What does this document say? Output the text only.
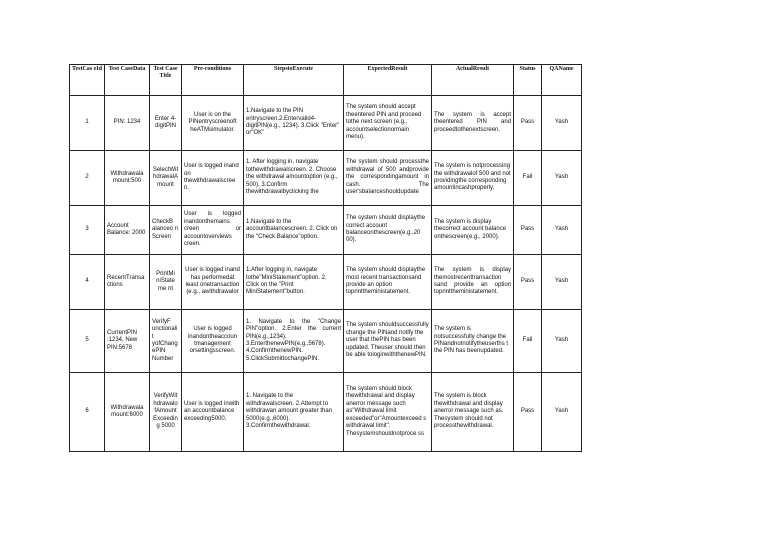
TestCas eId	Test CaseData	Test Case Title	Pre-conditions	StepstoExecute	ExpectedResult	ActualResult	Status	QAName
1	PIN: 1234	Enter 4-digitPIN	User is on the PINentryscreenoft heATMsimulator.	1.Navigate to the PIN entryscreen.2.Entervalid4-digitPIN(e.g., 1234). 3.Click "Enter" or"OK"	The system should accept theentered PIN and proceed tothe next screen (e.g., accountselectionormain menu).	The system is accept theentered PIN and proceedtothenextscreen.	Pass	Yash
2	Withdrawala mount:500	SelectWit hdrawalA mount	User is logged inand on thewithdrawalscree n.	1. After logging in, navigate tothewithdrawalscreen. 2. Choose the withdrawal amountoption (e.g., 500). 3.Confirm thewithdrawalbyclicking the	The system should processthe withdrawal of 500 andprovide the correspondingamount in cash. The user'sbalanceshouldupdate	The system is notprocessing the withdrawalof 500 and not providingthe corresponding amountincashproperly.	Fail	Yash
3	Account Balance: 2000	CheckB alanceo n Screen	User is logged inandonthemains creen or accountoverviews creen.	1.Navigate to the accountbalancescreen. 2. Click on the "Check Balance"option.	The system should displaythe correct account balanceonthescreen(e.g.,20 00).	The system is display thecorrect account balance onthescreen(e.g., 2000).	Pass	Yash
4	RecentTransa ctions	PrintMi niState me nt	User is logged inand has performedat least onetransaction (e.g., awithdrawalor	1.After logging in, navigate tothe"MiniStatement"option. 2. Click on the "Print MiniStatement"button.	The system should displaythe most recent transactionsand provide an option toprinttheministatement.	The system is display themostrecenttransaction sand provide an option toprinttheministatement.	Pass	Yash
5	CurrentPIN :1234, New PIN:5678	VerifyF unctionalit yofChang ePIN Number	User is logged inandontheaccoun tmanagement orsettingsscreen.	1. Navigate to the "Change PIN"option. 2.Enter the current PIN(e.g.,1234). 3.EnterthenewPIN(e.g.,5678). 4.ConfirmthenewPIN. 5.ClickSubmittochangePIN.	The system shouldsuccessfully change the PINand notify the user that thePIN has been updated. Theuser should then be able tologinwiththenewPIN.	The system is notsuccessfully change the PINandnotnotifytheuserths t the PIN has beenupdated.	Fail	Yash
6	Withdrawala mount:6000	VerifyWit hdrawalo fAmount Exceeding 5000	User is logged inwith an accountbalance exceeding5000.	1. Navigate to the withdrawalscreen. 2.Attempt to withdrawan amount greater than 5000(e.g.,6000). 3.Confirmthewithdrawal.	The system should block thewithdrawal and display anerror message such as"Withdrawal limit exceeded"or"Amountexceed s withdrawal limit". Thesystemshouldnotproce ss	The system is block thewithdrawal and display anerror message such as. Thesystem should not processthewithdrawal.	Pass	Yash
